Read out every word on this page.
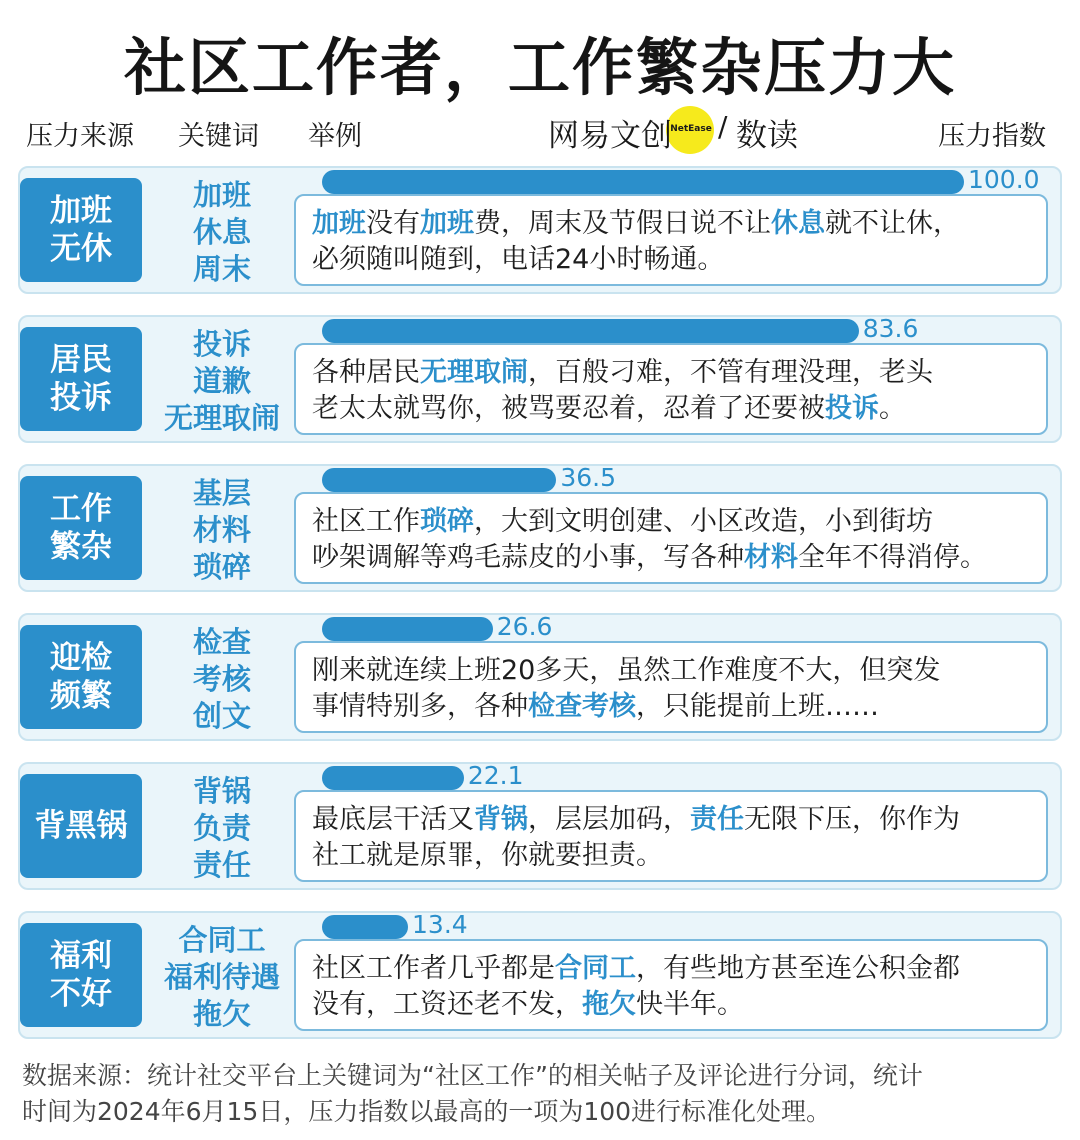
社区工作者，工作繁杂压力大
压力来源 关键词 举例	压力指数
网易文创
NetEase / 数读
加班
无休
加班
休息
周末
100.0
加班没有加班费，周末及节假日说不让休息就不让休，
必须随叫随到，电话24小时畅通。
居民
投诉
投诉
道歉
无理取闹
83.6
各种居民无理取闹，百般刁难，不管有理没理，老头
老太太就骂你，被骂要忍着，忍着了还要被投诉。
工作
繁杂
基层
材料
琐碎
36.5
社区工作琐碎，大到文明创建、小区改造，小到街坊
吵架调解等鸡毛蒜皮的小事，写各种材料全年不得消停。
迎检
频繁
检查
考核
创文
26.6
刚来就连续上班20多天，虽然工作难度不大，但突发
事情特别多，各种检查考核，只能提前上班……
背黑锅
背锅
负责
责任
22.1
最底层干活又背锅，层层加码，责任无限下压，你作为
社工就是原罪，你就要担责。
福利
不好
合同工
福利待遇
拖欠
13.4
社区工作者几乎都是合同工，有些地方甚至连公积金都
没有，工资还老不发，拖欠快半年。
数据来源：统计社交平台上关键词为“社区工作”的相关帖子及评论进行分词，统计
时间为2024年6月15日，压力指数以最高的一项为100进行标准化处理。
